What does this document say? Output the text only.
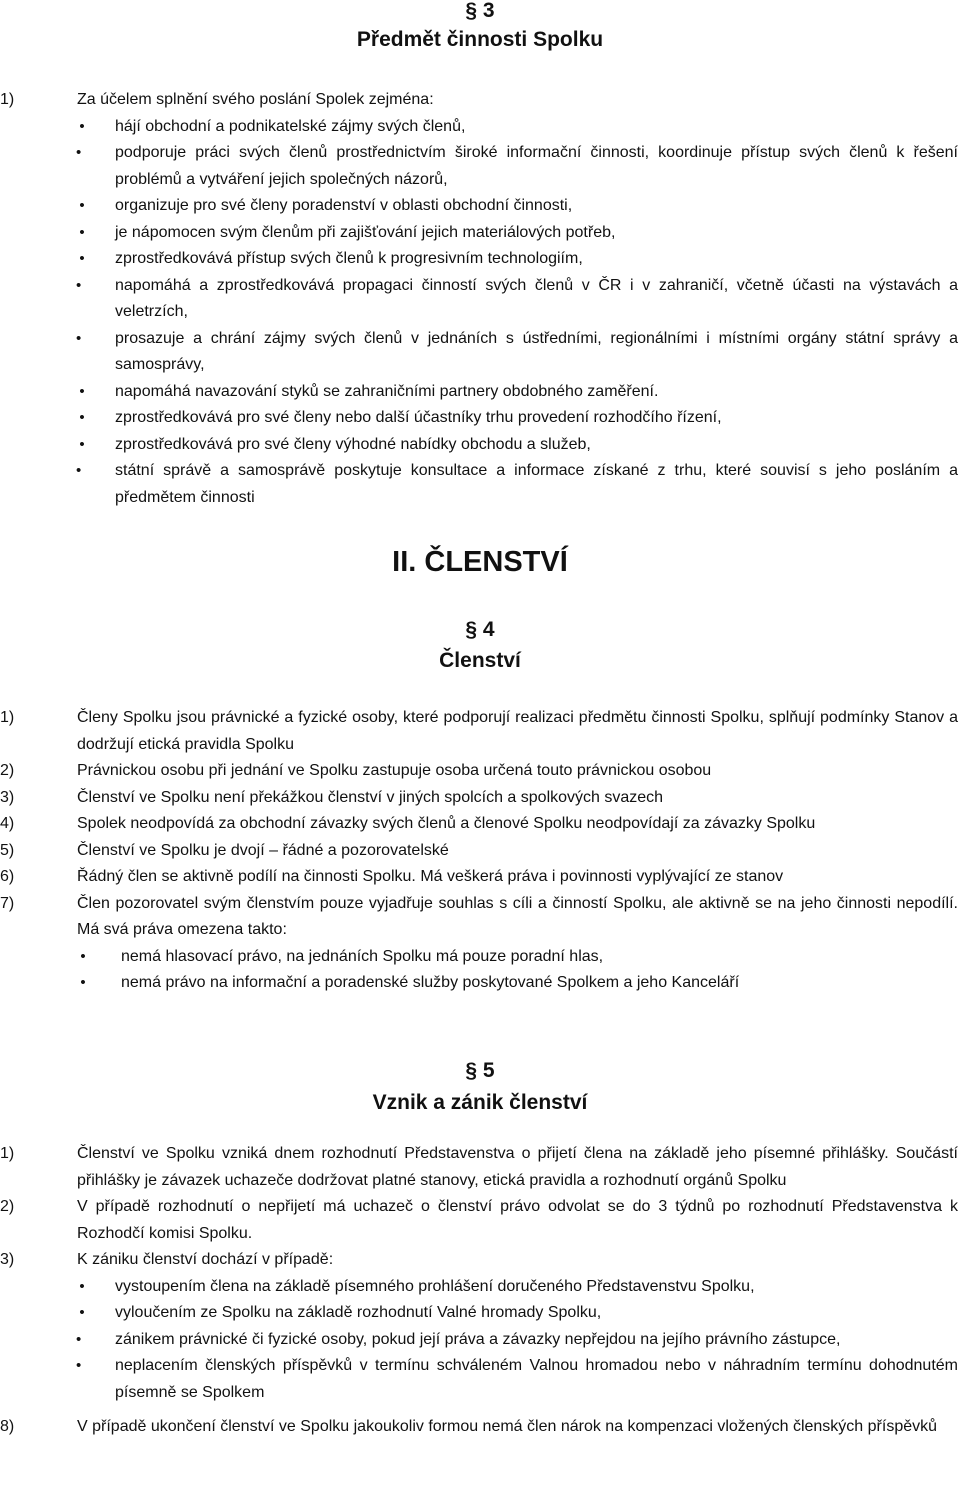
§ 3
Předmět činnosti Spolku
1)	Za účelem splnění svého poslání Spolek zejména:
• hájí obchodní a podnikatelské zájmy svých členů,
•	podporuje práci svých členů prostřednictvím široké informační činnosti, koordinuje přístup svých členů k řešení problémů a vytváření jejich společných názorů,
• organizuje pro své členy poradenství v oblasti obchodní činnosti,
• je nápomocen svým členům při zajišťování jejich materiálových potřeb,
• zprostředkovává přístup svých členů k progresivním technologiím,
•	napomáhá a zprostředkovává propagaci činností svých členů v ČR i v zahraničí, včetně účasti na výstavách a veletrzích,
•	prosazuje a chrání zájmy svých členů v jednáních s ústředními, regionálními i místními orgány státní správy a samosprávy,
• napomáhá navazování styků se zahraničními partnery obdobného zaměření.
• zprostředkovává pro své členy nebo další účastníky trhu provedení rozhodčího řízení,
• zprostředkovává pro své členy výhodné nabídky obchodu a služeb,
•	státní správě a samosprávě poskytuje konsultace a informace získané z trhu, které souvisí s jeho posláním a předmětem činnosti
II. ČLENSTVÍ
§ 4
Členství
1)	Členy Spolku jsou právnické a fyzické osoby, které podporují realizaci předmětu činnosti Spolku, splňují podmínky Stanov a dodržují etická pravidla Spolku
2)	Právnickou osobu při jednání ve Spolku zastupuje osoba určená touto právnickou osobou
3)	Členství ve Spolku není překážkou členství v jiných spolcích a spolkových svazech
4)	Spolek neodpovídá za obchodní závazky svých členů a členové Spolku neodpovídají za závazky Spolku
5)	Členství ve Spolku je dvojí – řádné a pozorovatelské
6)	Řádný člen se aktivně podílí na činnosti Spolku. Má veškerá práva i povinnosti vyplývající ze stanov
7)	Člen pozorovatel svým členstvím pouze vyjadřuje souhlas s cíli a činností Spolku, ale aktivně se na jeho činnosti nepodílí. Má svá práva omezena takto:
• nemá hlasovací právo, na jednáních Spolku má pouze poradní hlas,
• nemá právo na informační a poradenské služby poskytované Spolkem a jeho Kanceláří
§ 5
Vznik a zánik členství
1)	Členství ve Spolku vzniká dnem rozhodnutí Představenstva o přijetí člena na základě jeho písemné přihlášky. Součástí přihlášky je závazek uchazeče dodržovat platné stanovy, etická pravidla a rozhodnutí orgánů Spolku
2)	V případě rozhodnutí o nepřijetí má uchazeč o členství právo odvolat se do 3 týdnů po rozhodnutí Představenstva k Rozhodčí komisi Spolku.
3)	K zániku členství dochází v případě:
• vystoupením člena na základě písemného prohlášení doručeného Představenstvu Spolku,
• vyloučením ze Spolku na základě rozhodnutí Valné hromady Spolku,
•	zánikem právnické či fyzické osoby, pokud její práva a závazky nepřejdou na jejího právního zástupce,
•	neplacením členských příspěvků v termínu schváleném Valnou hromadou nebo v náhradním termínu dohodnutém písemně se Spolkem
8)	V případě ukončení členství ve Spolku jakoukoliv formou nemá člen nárok na kompenzaci vložených členských příspěvků
